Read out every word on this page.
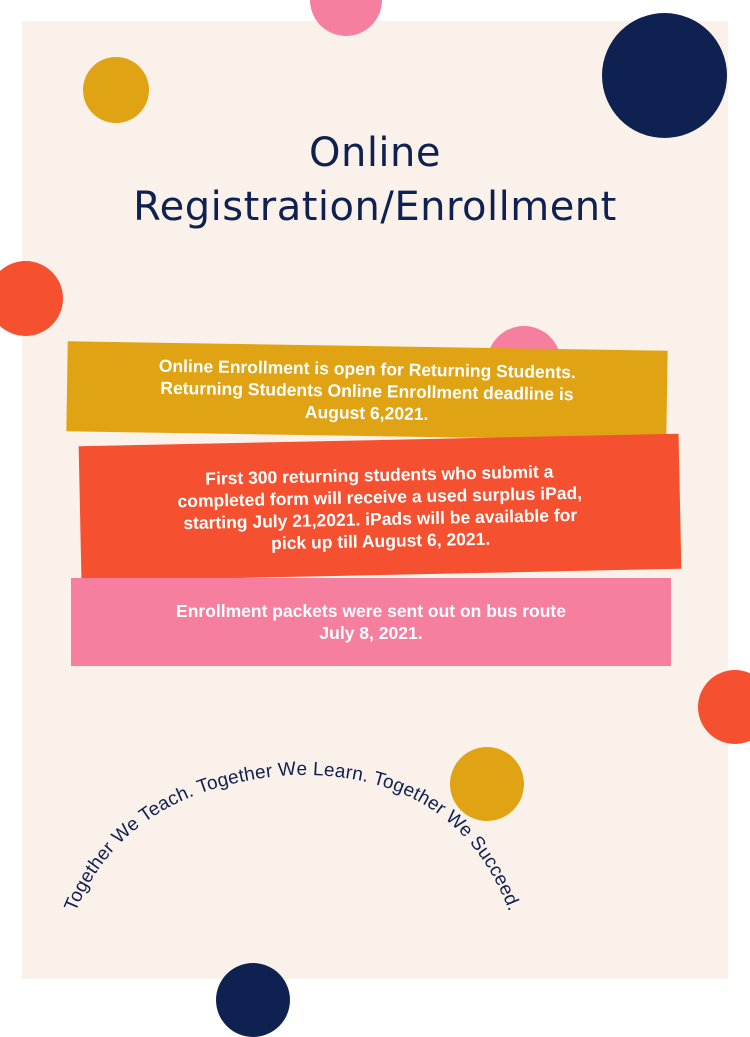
Online
Registration/Enrollment
Online Enrollment is open for Returning Students.
Returning Students Online Enrollment deadline is
August 6,2021.
First 300 returning students who submit a
completed form will receive a used surplus iPad,
starting July 21,2021. iPads will be available for
pick up till August 6, 2021.
Enrollment packets were sent out on bus route
July 8, 2021.
Together We Teach. Together We Learn. Together We Succeed.
